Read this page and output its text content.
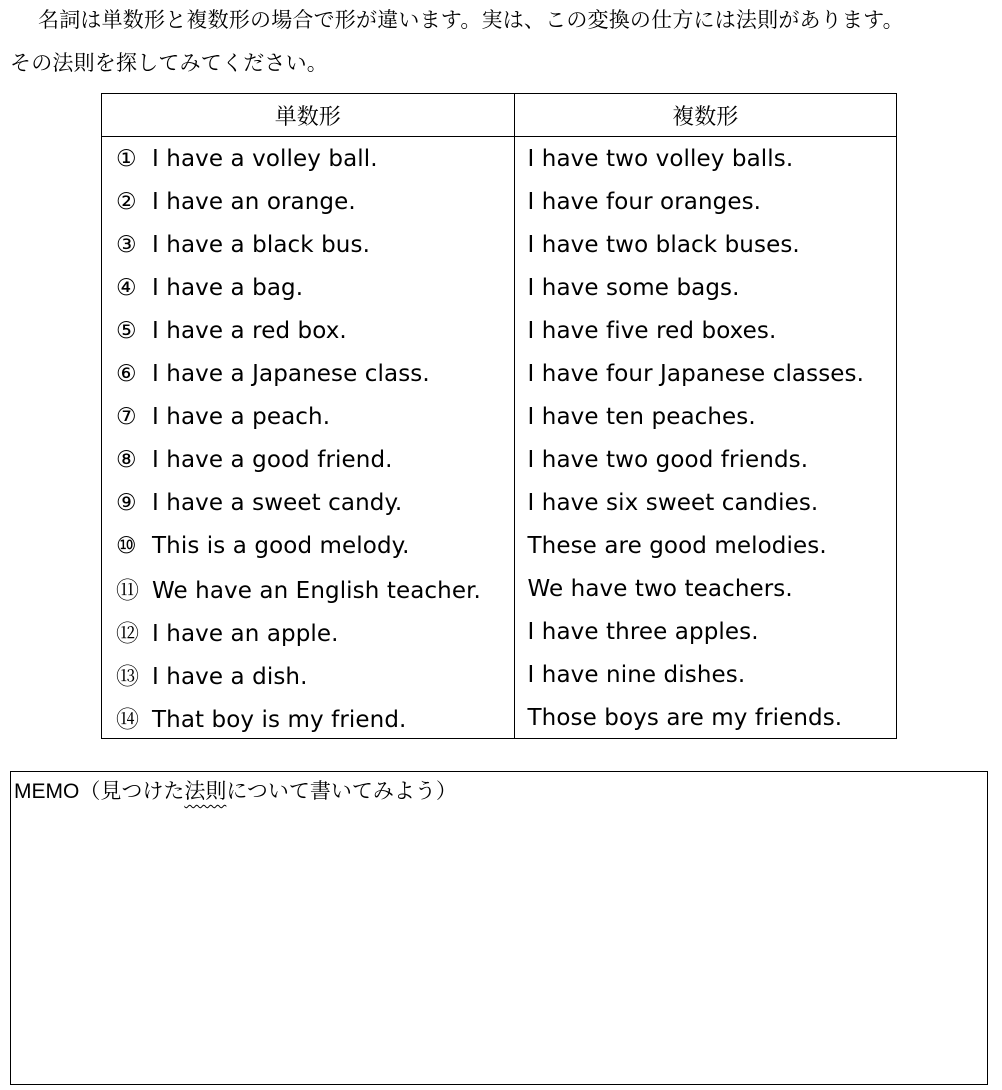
名詞は単数形と複数形の場合で形が違います。実は、この変換の仕方には法則があります。
その法則を探してみてください。
単数形	複数形
① I have a volley ball.	I have two volley balls.
② I have an orange.	I have four oranges.
③ I have a black bus.	I have two black buses.
④ I have a bag.	I have some bags.
⑤ I have a red box.	I have five red boxes.
⑥ I have a Japanese class.	I have four Japanese classes.
⑦ I have a peach.	I have ten peaches.
⑧ I have a good friend.	I have two good friends.
⑨ I have a sweet candy.	I have six sweet candies.
⑩ This is a good melody.	These are good melodies.
⑪ We have an English teacher.	We have two teachers.
⑫ I have an apple.	I have three apples.
⑬ I have a dish.	I have nine dishes.
⑭ That boy is my friend.	Those boys are my friends.
MEMO（見つけた法則について書いてみよう）
